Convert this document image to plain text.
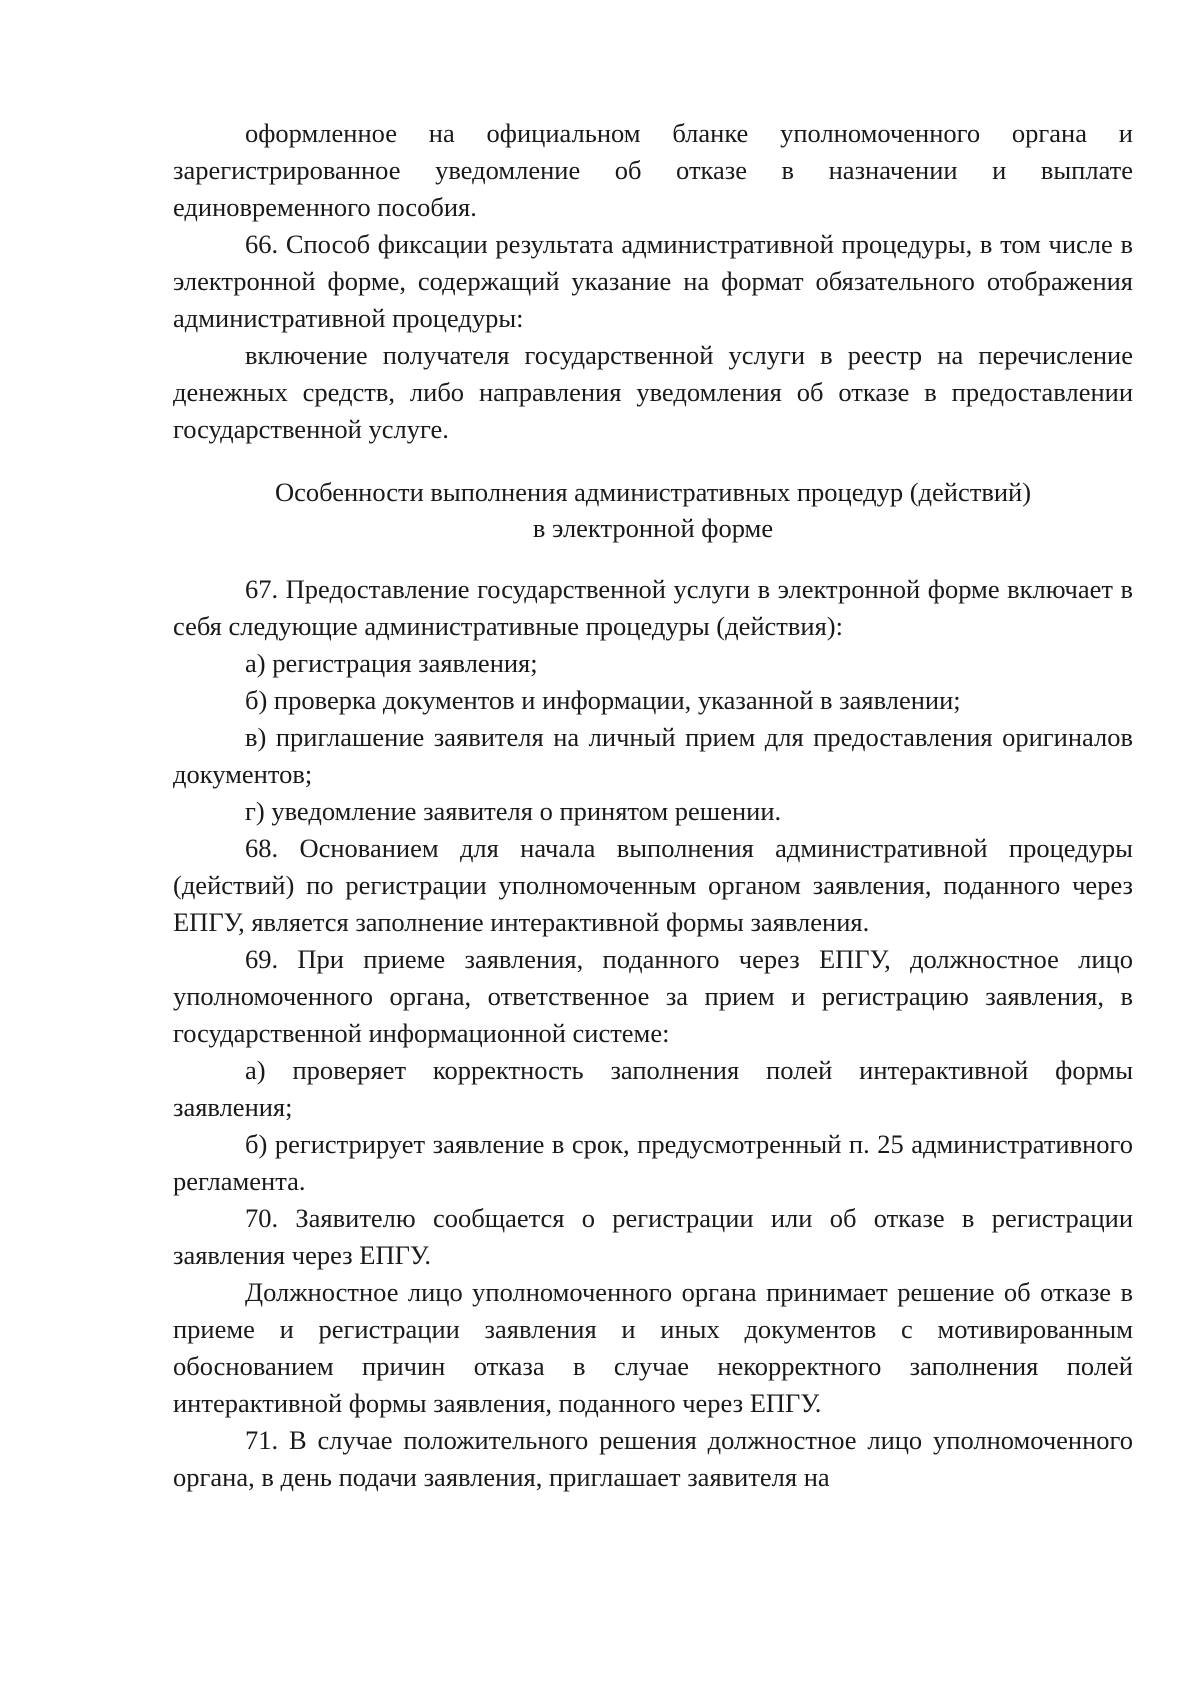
оформленное на официальном бланке уполномоченного органа и зарегистрированное уведомление об отказе в назначении и выплате единовременного пособия.

66. Способ фиксации результата административной процедуры, в том числе в электронной форме, содержащий указание на формат обязательного отображения административной процедуры:

включение получателя государственной услуги в реестр на перечисление денежных средств, либо направления уведомления об отказе в предоставлении государственной услуге.

Особенности выполнения административных процедур (действий)
в электронной форме

67. Предоставление государственной услуги в электронной форме включает в себя следующие административные процедуры (действия):

а) регистрация заявления;

б) проверка документов и информации, указанной в заявлении;

в) приглашение заявителя на личный прием для предоставления оригиналов документов;

г) уведомление заявителя о принятом решении.

68. Основанием для начала выполнения административной процедуры (действий) по регистрации уполномоченным органом заявления, поданного через ЕПГУ, является заполнение интерактивной формы заявления.

69. При приеме заявления, поданного через ЕПГУ, должностное лицо уполномоченного органа, ответственное за прием и регистрацию заявления, в государственной информационной системе:

а) проверяет корректность заполнения полей интерактивной формы заявления;

б) регистрирует заявление в срок, предусмотренный п. 25 административного регламента.

70. Заявителю сообщается о регистрации или об отказе в регистрации заявления через ЕПГУ.

Должностное лицо уполномоченного органа принимает решение об отказе в приеме и регистрации заявления и иных документов с мотивированным обоснованием причин отказа в случае некорректного заполнения полей интерактивной формы заявления, поданного через ЕПГУ.

71. В случае положительного решения должностное лицо уполномоченного органа, в день подачи заявления, приглашает заявителя на
